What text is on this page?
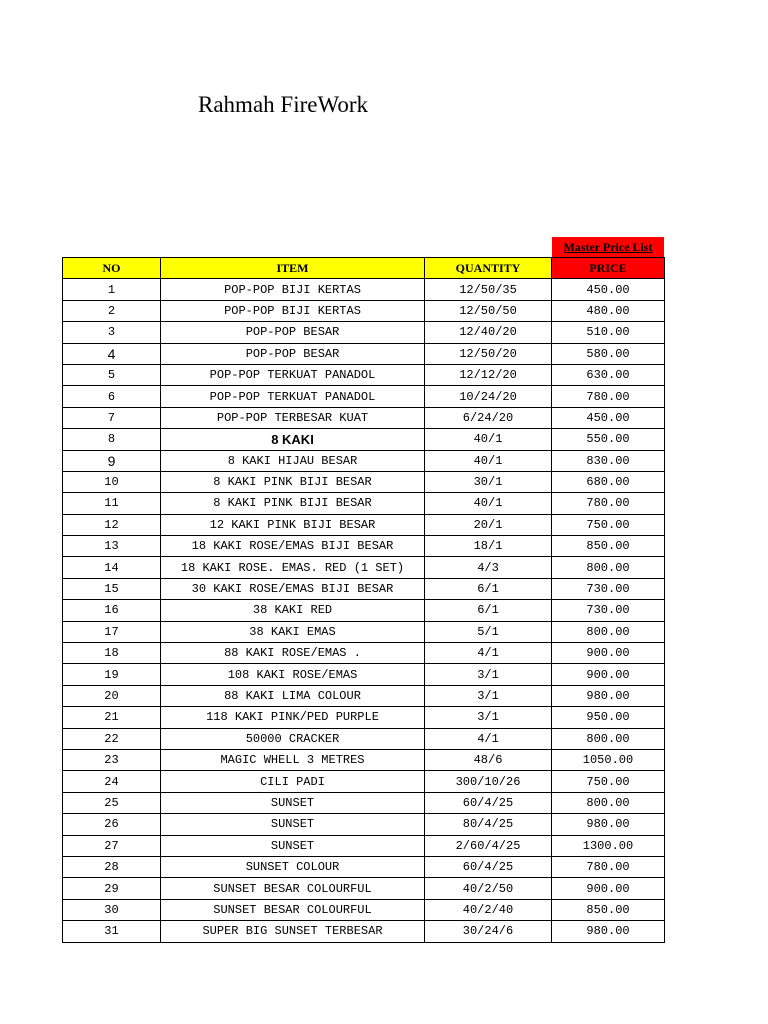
Rahmah FireWork
Master Price List
NO	ITEM	QUANTITY	PRICE
1	POP-POP BIJI KERTAS	12/50/35	450.00
2	POP-POP BIJI KERTAS	12/50/50	480.00
3	POP-POP BESAR	12/40/20	510.00
4	POP-POP BESAR	12/50/20	580.00
5	POP-POP TERKUAT PANADOL	12/12/20	630.00
6	POP-POP TERKUAT PANADOL	10/24/20	780.00
7	POP-POP TERBESAR KUAT	6/24/20	450.00
8	8 KAKI	40/1	550.00
9	8 KAKI HIJAU BESAR	40/1	830.00
10	8 KAKI PINK BIJI BESAR	30/1	680.00
11	8 KAKI PINK BIJI BESAR	40/1	780.00
12	12 KAKI PINK BIJI BESAR	20/1	750.00
13	18 KAKI ROSE/EMAS BIJI BESAR	18/1	850.00
14	18 KAKI ROSE. EMAS. RED (1 SET)	4/3	800.00
15	30 KAKI ROSE/EMAS BIJI BESAR	6/1	730.00
16	38 KAKI RED	6/1	730.00
17	38 KAKI EMAS	5/1	800.00
18	88 KAKI ROSE/EMAS .	4/1	900.00
19	108 KAKI ROSE/EMAS	3/1	900.00
20	88 KAKI LIMA COLOUR	3/1	980.00
21	118 KAKI PINK/PED PURPLE	3/1	950.00
22	50000 CRACKER	4/1	800.00
23	MAGIC WHELL 3 METRES	48/6	1050.00
24	CILI PADI	300/10/26	750.00
25	SUNSET	60/4/25	800.00
26	SUNSET	80/4/25	980.00
27	SUNSET	2/60/4/25	1300.00
28	SUNSET COLOUR	60/4/25	780.00
29	SUNSET BESAR COLOURFUL	40/2/50	900.00
30	SUNSET BESAR COLOURFUL	40/2/40	850.00
31	SUPER BIG SUNSET TERBESAR	30/24/6	980.00
